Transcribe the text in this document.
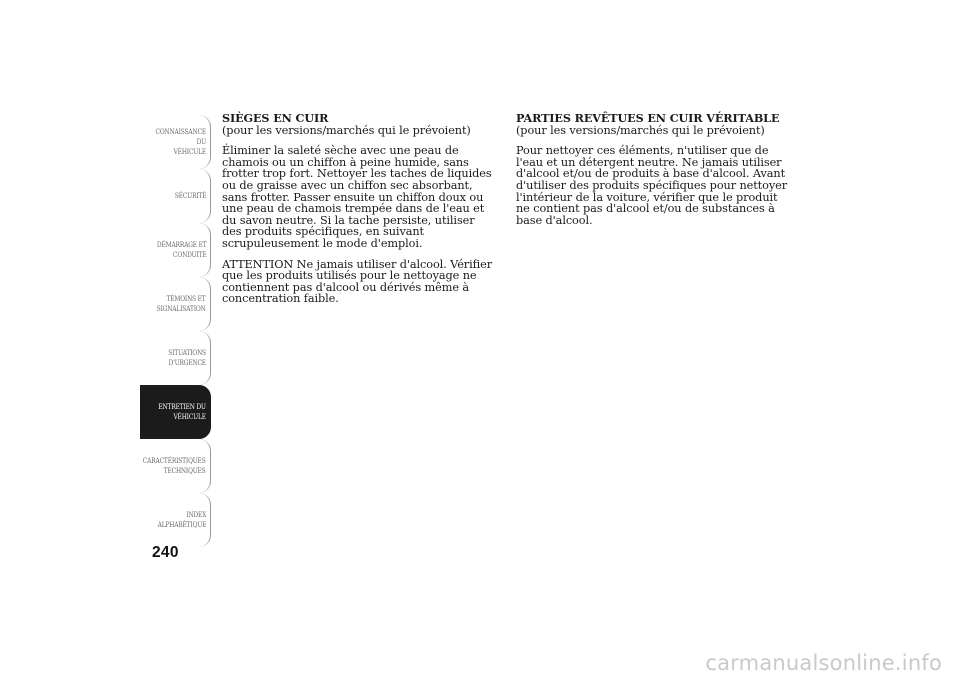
CONNAISSANCE DU
VÉHICULE
SÉCURITÉ
DÉMARRAGE ET
CONDUITE
TÉMOINS ET
SIGNALISATION
SITUATIONS
D'URGENCE
ENTRETIEN DU
VÉHICULE
CARACTÉRISTIQUES
TECHNIQUES
INDEX
ALPHABÉTIQUE
240

SIÈGES EN CUIR

(pour les versions/marchés qui le prévoient)

Éliminer la saleté sèche avec une peau de chamois ou un chiffon à peine humide, sans frotter trop fort. Nettoyer les taches de liquides ou de graisse avec un chiffon sec absorbant, sans frotter. Passer ensuite un chiffon doux ou une peau de chamois trempée dans de l'eau et du savon neutre. Si la tache persiste, utiliser des produits spécifiques, en suivant scrupuleusement le mode d'emploi.

ATTENTION Ne jamais utiliser d'alcool. Vérifier que les produits utilisés pour le nettoyage ne contiennent pas d'alcool ou dérivés même à concentration faible.

PARTIES REVÊTUES EN CUIR VÉRITABLE

(pour les versions/marchés qui le prévoient)

Pour nettoyer ces éléments, n'utiliser que de l'eau et un détergent neutre. Ne jamais utiliser d'alcool et/ou de produits à base d'alcool. Avant d'utiliser des produits spécifiques pour nettoyer l'intérieur de la voiture, vérifier que le produit ne contient pas d'alcool et/ou de substances à base d'alcool.

carmanualsonline.info
